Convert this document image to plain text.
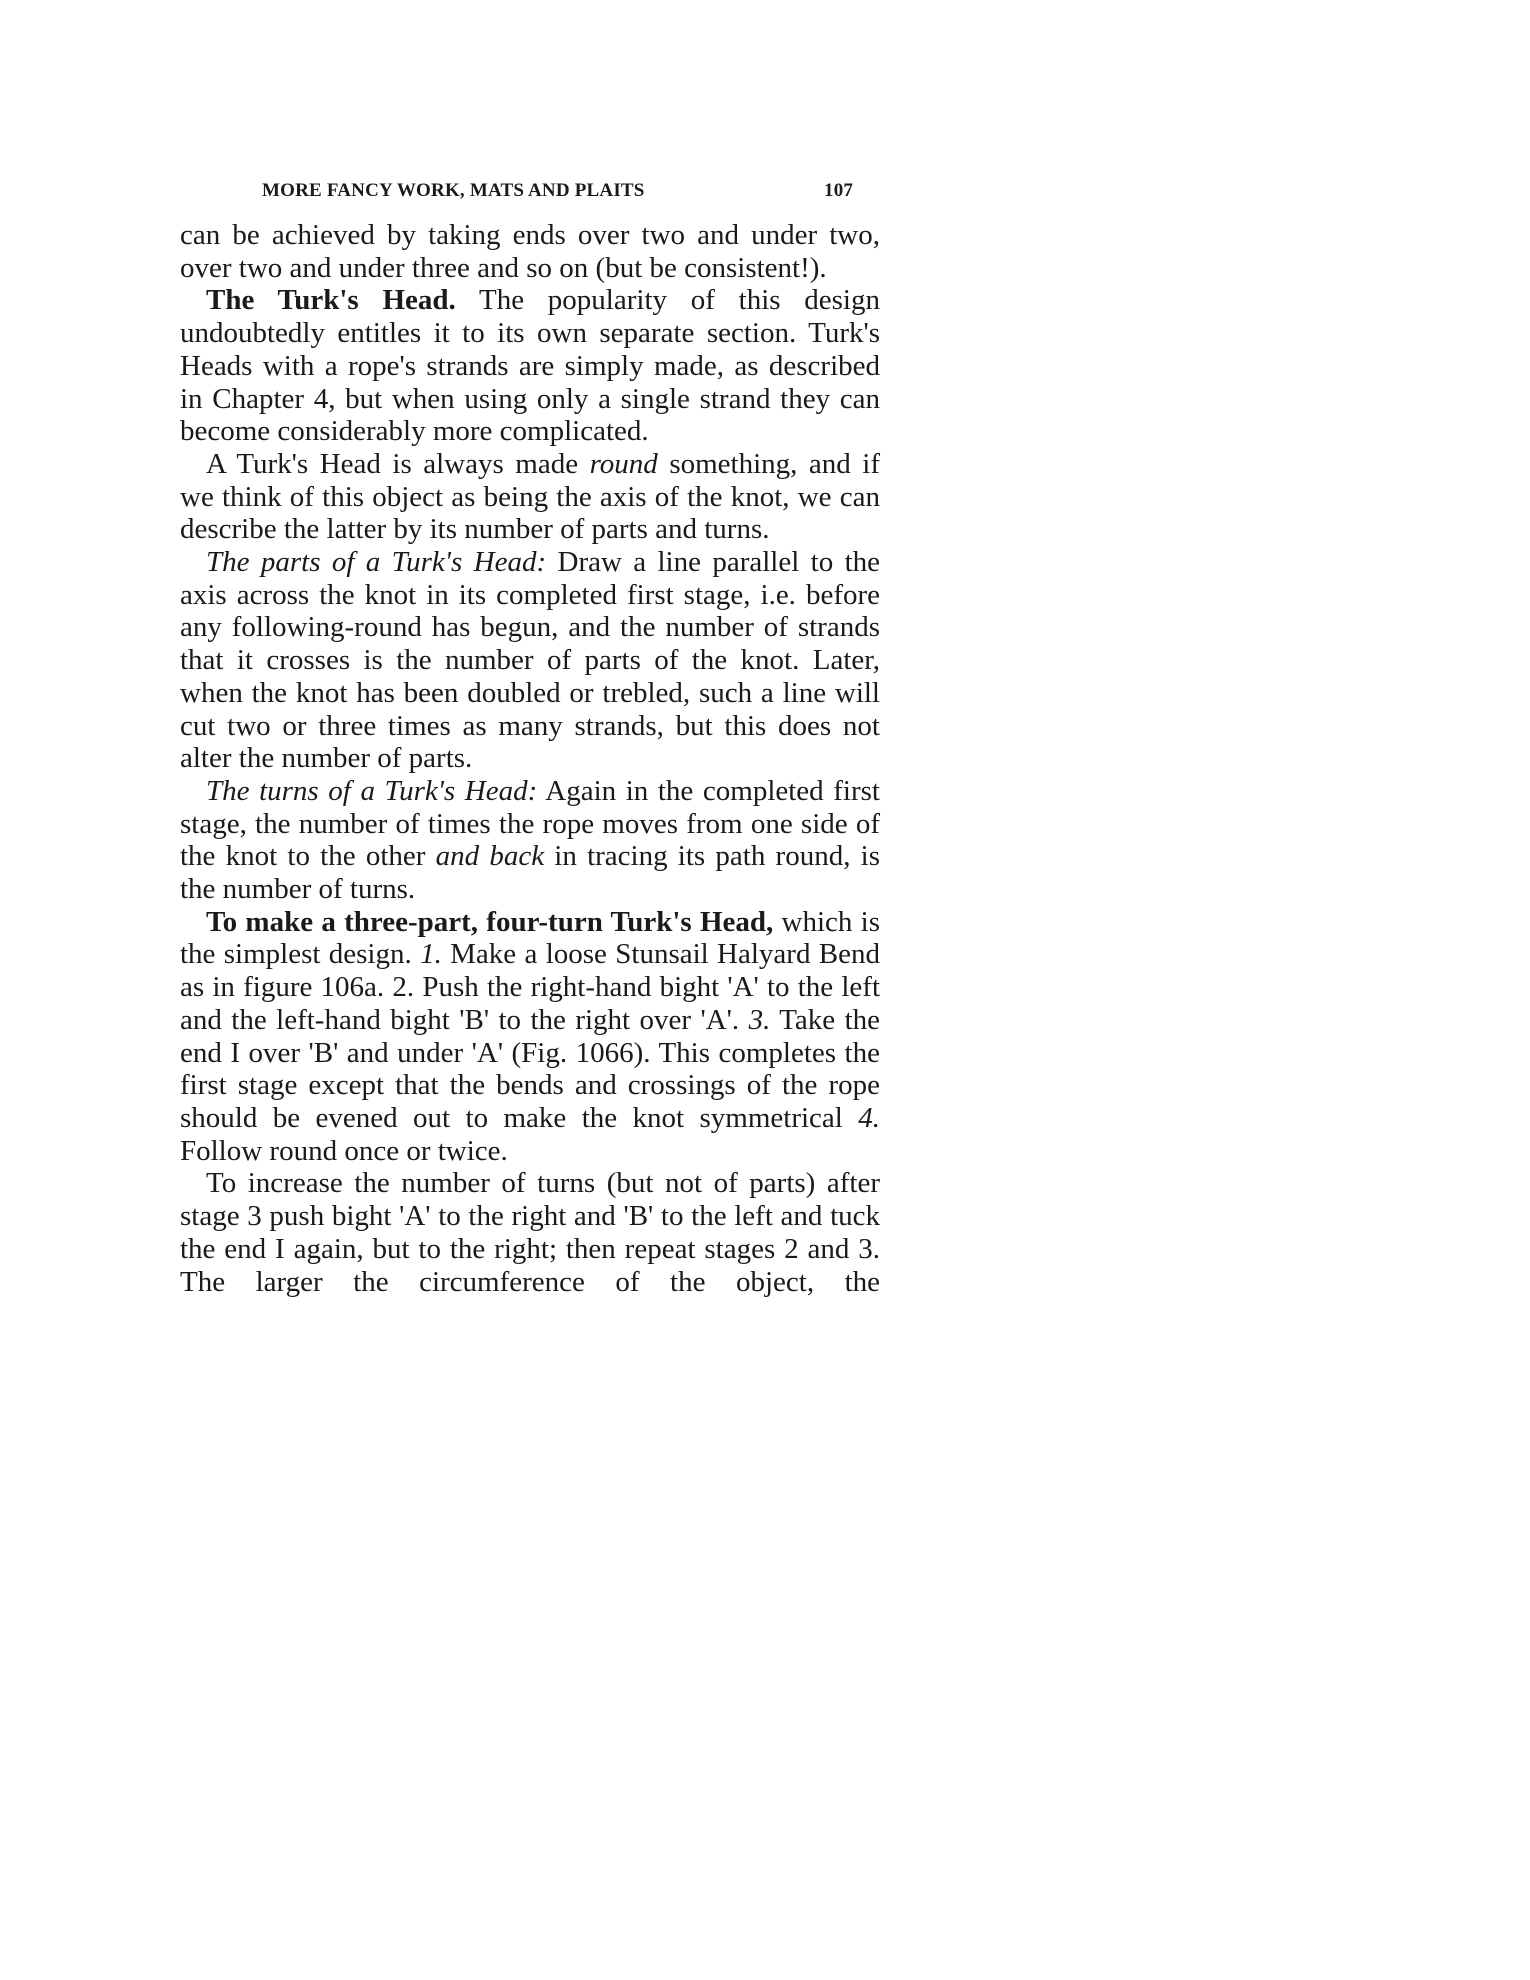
MORE FANCY WORK, MATS AND PLAITS	107

can be achieved by taking ends over two and under two, over two and under three and so on (but be consistent!).

The Turk's Head. The popularity of this design undoubtedly entitles it to its own separate section. Turk's Heads with a rope's strands are simply made, as described in Chapter 4, but when using only a single strand they can become considerably more complicated.

A Turk's Head is always made round something, and if we think of this object as being the axis of the knot, we can describe the latter by its number of parts and turns.

The parts of a Turk's Head: Draw a line parallel to the axis across the knot in its completed first stage, i.e. before any following-round has begun, and the number of strands that it crosses is the number of parts of the knot. Later, when the knot has been doubled or trebled, such a line will cut two or three times as many strands, but this does not alter the number of parts.

The turns of a Turk's Head: Again in the completed first stage, the number of times the rope moves from one side of the knot to the other and back in tracing its path round, is the number of turns.

To make a three-part, four-turn Turk's Head, which is the simplest design. 1. Make a loose Stunsail Halyard Bend as in figure 106a. 2. Push the right-hand bight 'A' to the left and the left-hand bight 'B' to the right over 'A'. 3. Take the end I over 'B' and under 'A' (Fig. 1066). This completes the first stage except that the bends and crossings of the rope should be evened out to make the knot symmetrical 4. Follow round once or twice.

To increase the number of turns (but not of parts) after stage 3 push bight 'A' to the right and 'B' to the left and tuck the end I again, but to the right; then repeat stages 2 and 3. The larger the circumference of the object, the
